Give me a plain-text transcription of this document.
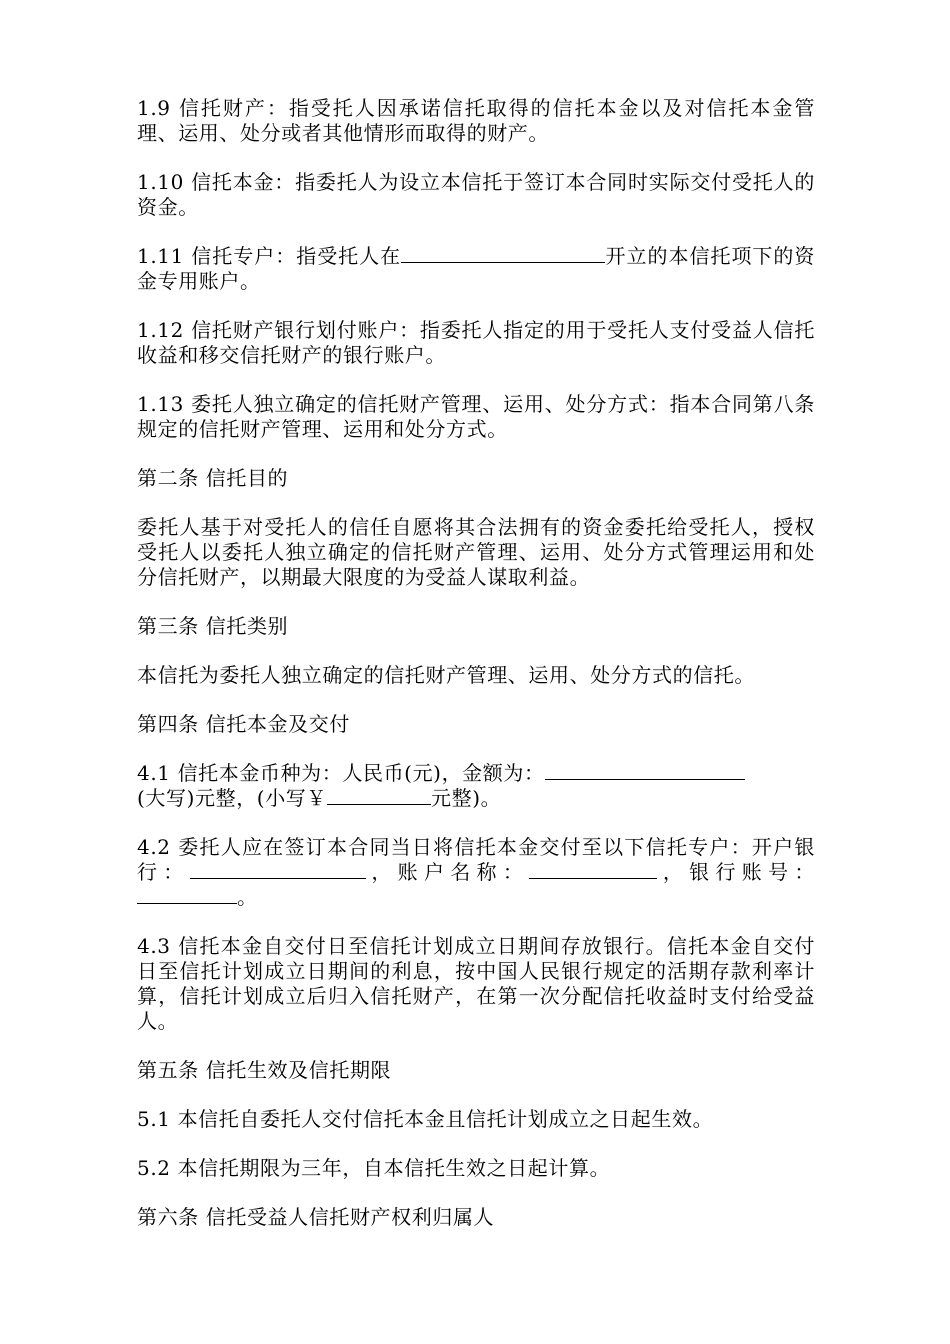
1.9 信托财产：指受托人因承诺信托取得的信托本金以及对信托本金管理、运用、处分或者其他情形而取得的财产。

1.10 信托本金：指委托人为设立本信托于签订本合同时实际交付受托人的资金。

1.11 信托专户：指受托人在	开立的本信托项下的资金专用账户。

1.12 信托财产银行划付账户：指委托人指定的用于受托人支付受益人信托收益和移交信托财产的银行账户。

1.13 委托人独立确定的信托财产管理、运用、处分方式：指本合同第八条规定的信托财产管理、运用和处分方式。

第二条 信托目的

委托人基于对受托人的信任自愿将其合法拥有的资金委托给受托人，授权受托人以委托人独立确定的信托财产管理、运用、处分方式管理运用和处分信托财产，以期最大限度的为受益人谋取利益。

第三条 信托类别

本信托为委托人独立确定的信托财产管理、运用、处分方式的信托。

第四条 信托本金及交付

4.1 信托本金币种为：人民币(元)，金额为：
(大写)元整，(小写￥	元整)。

4.2 委托人应在签订本合同当日将信托本金交付至以下信托专户：开户银行：	，账户名称：	，银行账号：。

4.3 信托本金自交付日至信托计划成立日期间存放银行。信托本金自交付日至信托计划成立日期间的利息，按中国人民银行规定的活期存款利率计算，信托计划成立后归入信托财产，在第一次分配信托收益时支付给受益人。

第五条 信托生效及信托期限

5.1 本信托自委托人交付信托本金且信托计划成立之日起生效。

5.2 本信托期限为三年，自本信托生效之日起计算。

第六条 信托受益人信托财产权利归属人
